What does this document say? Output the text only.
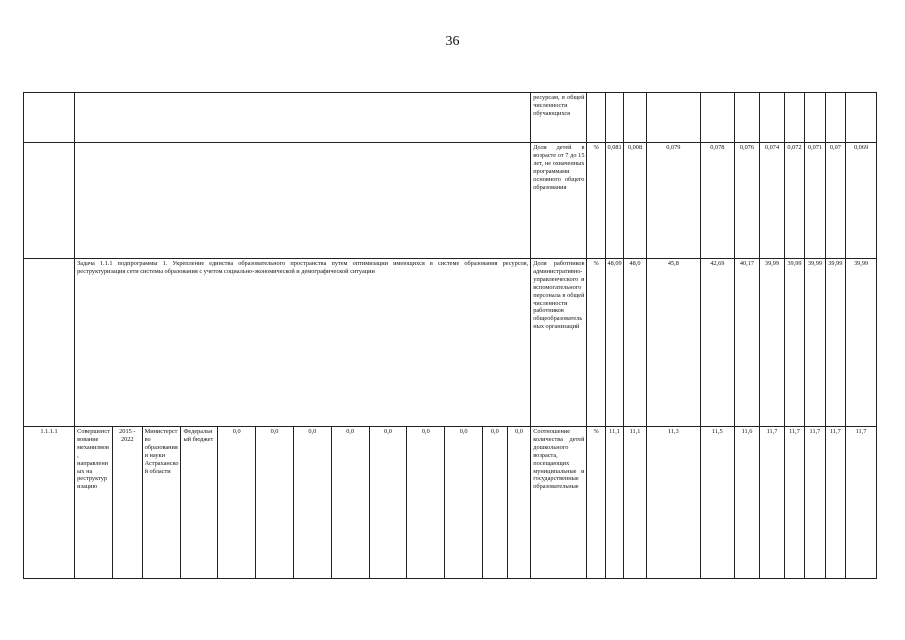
36
														ресурсам, в общей численности обучающихся											
														Доля детей в возрасте от 7 до 15 лет, не охваченных программами основного общего образования	%	0,081	0,008	0,079	0,078	0,076	0,074	0,072	0,071	0,07	0,069
	Задача 1.1.1 подпрограммы 1. Укрепление единства образовательного пространства путем оптимизации имеющихся в системе образования ресурсов, реструктуризация сети системы образования с учетом социально-экономической и демографической ситуации													Доля работников административно-управленческого и вспомогательного персонала в общей численности работников общеобразовательных организаций	%	48,09	48,0	45,8	42,69	40,17	39,99	39,99	39,99	39,99	39,99
1.1.1.1	Совершенствование механизмов, направленных на реструктуризацию	2015 - 2022	Министерство образования и науки Астраханской области	Федеральный бюджет	0,0	0,0	0,0	0,0	0,0	0,0	0,0	0,0	0,0	Соотношение количества детей дошкольного возраста, посещающих муниципальные и государственные образовательные	%	11,1	11,1	11,3	11,5	11,6	11,7	11,7	11,7	11,7	11,7
